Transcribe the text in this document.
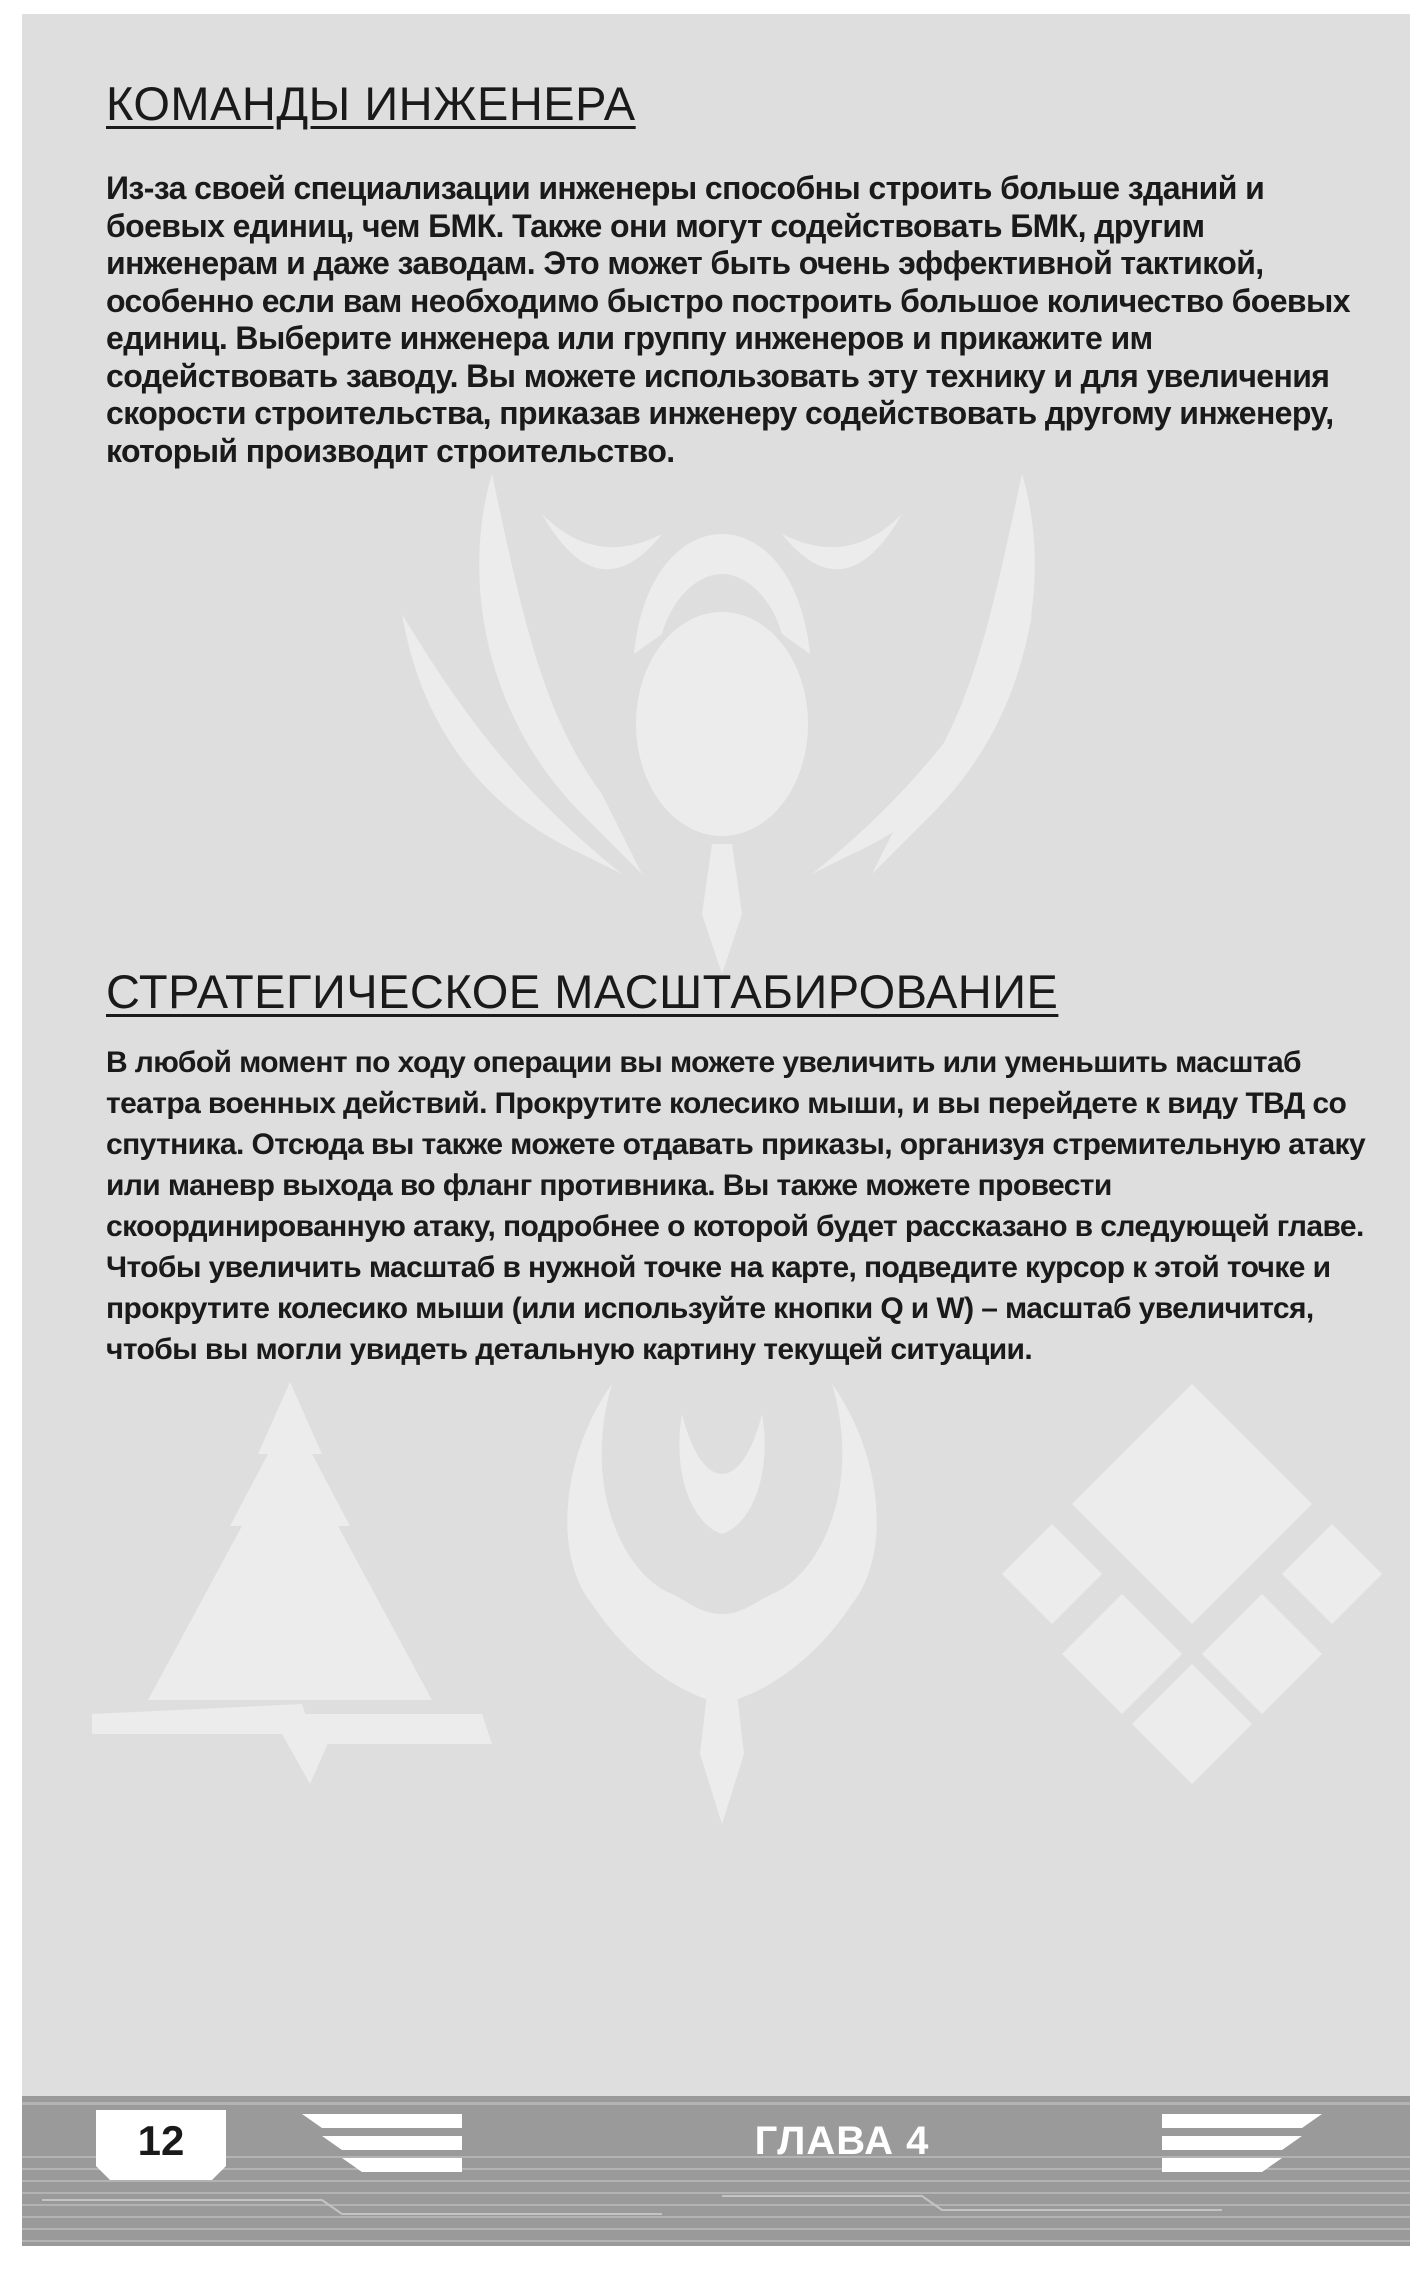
КОМАНДЫ ИНЖЕНЕРА

Из-за своей специализации инженеры способны строить больше зданий и боевых единиц, чем БМК. Также они могут содействовать БМК, другим инженерам и даже заводам. Это может быть очень эффективной тактикой, особенно если вам необходимо быстро построить большое количество боевых единиц. Выберите инженера или группу инженеров и прикажите им содействовать заводу. Вы можете использовать эту технику и для увеличения скорости строительства, приказав инженеру содействовать другому инженеру, который производит строительство.

СТРАТЕГИЧЕСКОЕ МАСШТАБИРОВАНИЕ

В любой момент по ходу операции вы можете увеличить или уменьшить масштаб театра военных действий. Прокрутите колесико мыши, и вы перейдете к виду ТВД со спутника. Отсюда вы также можете отдавать приказы, организуя стремительную атаку или маневр выхода во фланг противника. Вы также можете провести скоординированную атаку, подробнее о которой будет рассказано в следующей главе. Чтобы увеличить масштаб в нужной точке на карте, подведите курсор к этой точке и прокрутите колесико мыши (или используйте кнопки Q и W) – масштаб увеличится, чтобы вы могли увидеть детальную картину текущей ситуации.

12	ГЛАВА 4
